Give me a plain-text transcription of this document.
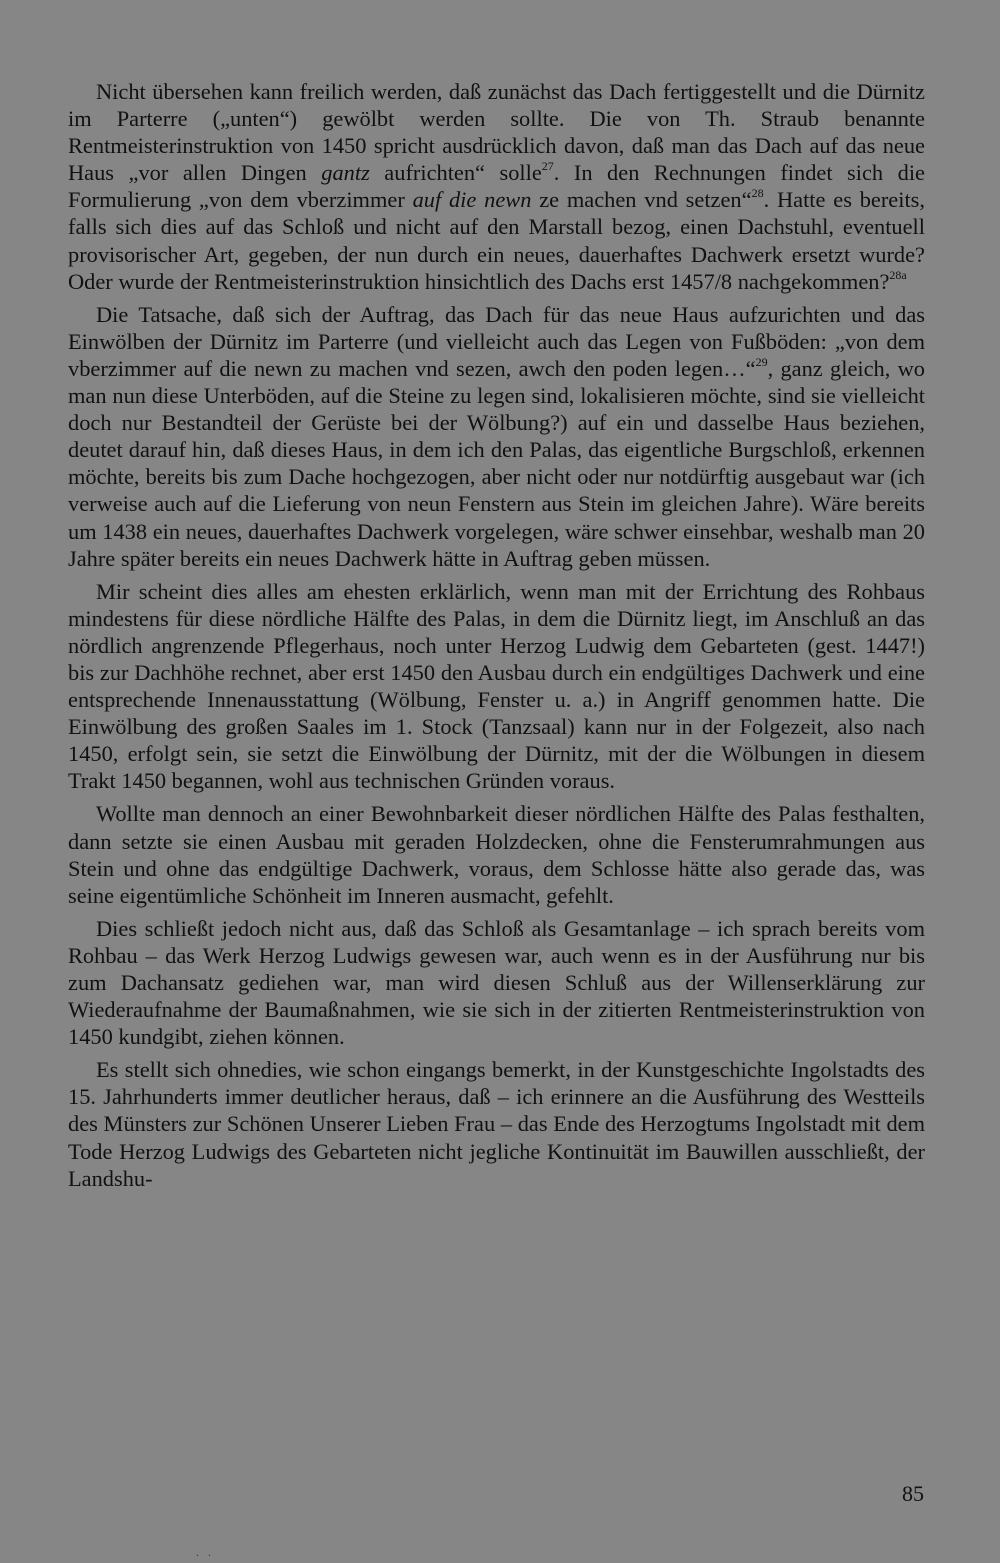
Nicht übersehen kann freilich werden, daß zunächst das Dach fertiggestellt und die Dürnitz im Parterre („unten“) gewölbt werden sollte. Die von Th. Straub benannte Rentmeisterinstruktion von 1450 spricht ausdrücklich davon, daß man das Dach auf das neue Haus „vor allen Dingen gantz aufrichten“ solle$^{27}$. In den Rechnungen findet sich die Formulierung „von dem vberzimmer auf die newn ze machen vnd setzen“$^{28}$. Hatte es bereits, falls sich dies auf das Schloß und nicht auf den Marstall bezog, einen Dachstuhl, eventuell provisorischer Art, gegeben, der nun durch ein neues, dauerhaftes Dachwerk ersetzt wurde? Oder wurde der Rentmeisterinstruktion hinsichtlich des Dachs erst 1457/8 nachgekommen?$^{28a}$

Die Tatsache, daß sich der Auftrag, das Dach für das neue Haus aufzurichten und das Einwölben der Dürnitz im Parterre (und vielleicht auch das Legen von Fußböden: „von dem vberzimmer auf die newn zu machen vnd sezen, awch den poden legen…“$^{29}$, ganz gleich, wo man nun diese Unterböden, auf die Steine zu legen sind, lokalisieren möchte, sind sie vielleicht doch nur Bestandteil der Gerüste bei der Wölbung?) auf ein und dasselbe Haus beziehen, deutet darauf hin, daß dieses Haus, in dem ich den Palas, das eigentliche Burgschloß, erkennen möchte, bereits bis zum Dache hochgezogen, aber nicht oder nur notdürftig ausgebaut war (ich verweise auch auf die Lieferung von neun Fenstern aus Stein im gleichen Jahre). Wäre bereits um 1438 ein neues, dauerhaftes Dachwerk vorgelegen, wäre schwer einsehbar, weshalb man 20 Jahre später bereits ein neues Dachwerk hätte in Auftrag geben müssen.

Mir scheint dies alles am ehesten erklärlich, wenn man mit der Errichtung des Rohbaus mindestens für diese nördliche Hälfte des Palas, in dem die Dürnitz liegt, im Anschluß an das nördlich angrenzende Pflegerhaus, noch unter Herzog Ludwig dem Gebarteten (gest. 1447!) bis zur Dachhöhe rechnet, aber erst 1450 den Ausbau durch ein endgültiges Dachwerk und eine entsprechende Innenausstattung (Wölbung, Fenster u. a.) in Angriff genommen hatte. Die Einwölbung des großen Saales im 1. Stock (Tanzsaal) kann nur in der Folgezeit, also nach 1450, erfolgt sein, sie setzt die Einwölbung der Dürnitz, mit der die Wölbungen in diesem Trakt 1450 begannen, wohl aus technischen Gründen voraus.

Wollte man dennoch an einer Bewohnbarkeit dieser nördlichen Hälfte des Palas festhalten, dann setzte sie einen Ausbau mit geraden Holzdecken, ohne die Fensterumrahmungen aus Stein und ohne das endgültige Dachwerk, voraus, dem Schlosse hätte also gerade das, was seine eigentümliche Schönheit im Inneren ausmacht, gefehlt.

Dies schließt jedoch nicht aus, daß das Schloß als Gesamtanlage – ich sprach bereits vom Rohbau – das Werk Herzog Ludwigs gewesen war, auch wenn es in der Ausführung nur bis zum Dachansatz gediehen war, man wird diesen Schluß aus der Willenserklärung zur Wiederaufnahme der Baumaßnahmen, wie sie sich in der zitierten Rentmeisterinstruktion von 1450 kundgibt, ziehen können.

Es stellt sich ohnedies, wie schon eingangs bemerkt, in der Kunstgeschichte Ingolstadts des 15. Jahrhunderts immer deutlicher heraus, daß – ich erinnere an die Ausführung des Westteils des Münsters zur Schönen Unserer Lieben Frau – das Ende des Herzogtums Ingolstadt mit dem Tode Herzog Ludwigs des Gebarteten nicht jegliche Kontinuität im Bauwillen ausschließt, der Landshu-

85
. .
